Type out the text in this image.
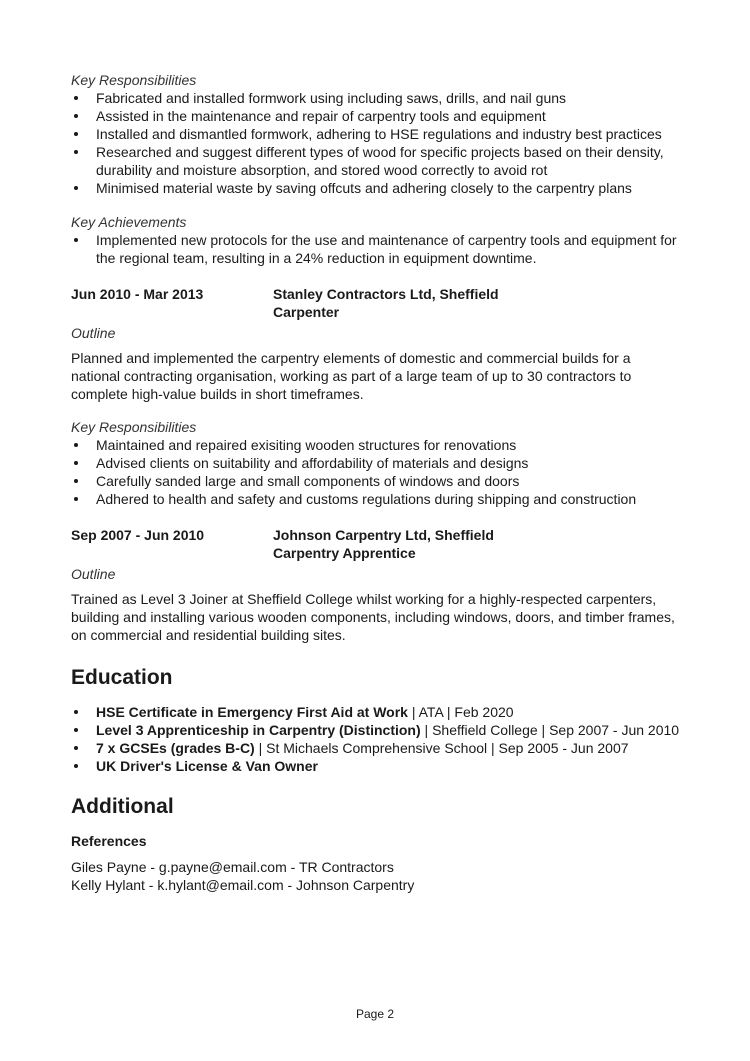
Key Responsibilities

Fabricated and installed formwork using including saws, drills, and nail guns
Assisted in the maintenance and repair of carpentry tools and equipment
Installed and dismantled formwork, adhering to HSE regulations and industry best practices
Researched and suggest different types of wood for specific projects based on their density, durability and moisture absorption, and stored wood correctly to avoid rot
Minimised material waste by saving offcuts and adhering closely to the carpentry plans

Key Achievements

Implemented new protocols for the use and maintenance of carpentry tools and equipment for the regional team, resulting in a 24% reduction in equipment downtime.
Jun 2010 - Mar 2013	Stanley Contractors Ltd, Sheffield
Carpenter

Outline

Planned and implemented the carpentry elements of domestic and commercial builds for a national contracting organisation, working as part of a large team of up to 30 contractors to complete high-value builds in short timeframes.

Key Responsibilities

Maintained and repaired exisiting wooden structures for renovations
Advised clients on suitability and affordability of materials and designs
Carefully sanded large and small components of windows and doors
Adhered to health and safety and customs regulations during shipping and construction
Sep 2007 - Jun 2010	Johnson Carpentry Ltd, Sheffield
Carpentry Apprentice

Outline

Trained as Level 3 Joiner at Sheffield College whilst working for a highly-respected carpenters, building and installing various wooden components, including windows, doors, and timber frames, on commercial and residential building sites.

Education
HSE Certificate in Emergency First Aid at Work | ATA | Feb 2020
Level 3 Apprenticeship in Carpentry (Distinction) | Sheffield College | Sep 2007 - Jun 2010
7 x GCSEs (grades B-C) | St Michaels Comprehensive School | Sep 2005 - Jun 2007
UK Driver's License & Van Owner
Additional

References

Giles Payne - g.payne@email.com - TR Contractors

Kelly Hylant - k.hylant@email.com - Johnson Carpentry

Page 2
